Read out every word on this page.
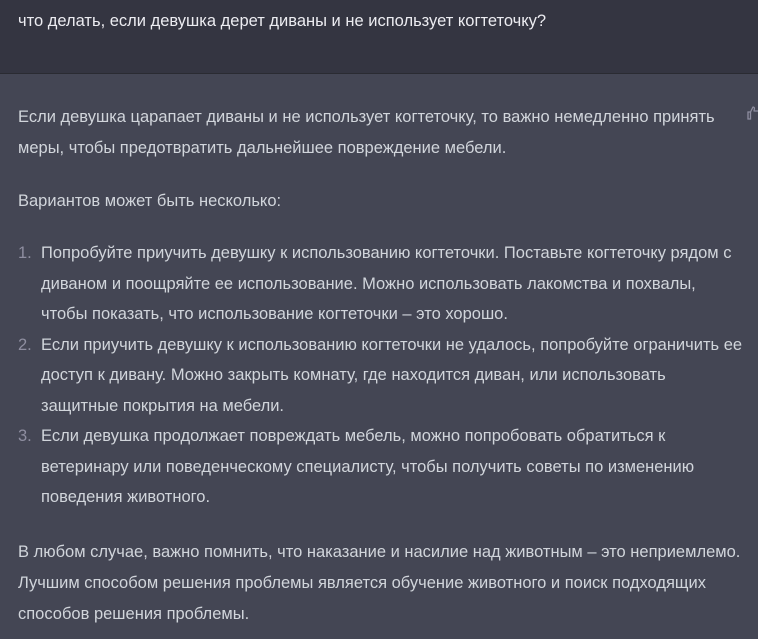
что делать, если девушка дерет диваны и не использует когтеточку?

Если девушка царапает диваны и не использует когтеточку, то важно немедленно принять меры, чтобы предотвратить дальнейшее повреждение мебели.

Вариантов может быть несколько:

1. Попробуйте приучить девушку к использованию когтеточки. Поставьте когтеточку рядом с диваном и поощряйте ее использование. Можно использовать лакомства и похвалы, чтобы показать, что использование когтеточки – это хорошо.
2. Если приучить девушку к использованию когтеточки не удалось, попробуйте ограничить ее доступ к дивану. Можно закрыть комнату, где находится диван, или использовать защитные покрытия на мебели.
3. Если девушка продолжает повреждать мебель, можно попробовать обратиться к ветеринару или поведенческому специалисту, чтобы получить советы по изменению поведения животного.

В любом случае, важно помнить, что наказание и насилие над животным – это неприемлемо. Лучшим способом решения проблемы является обучение животного и поиск подходящих способов решения проблемы.
